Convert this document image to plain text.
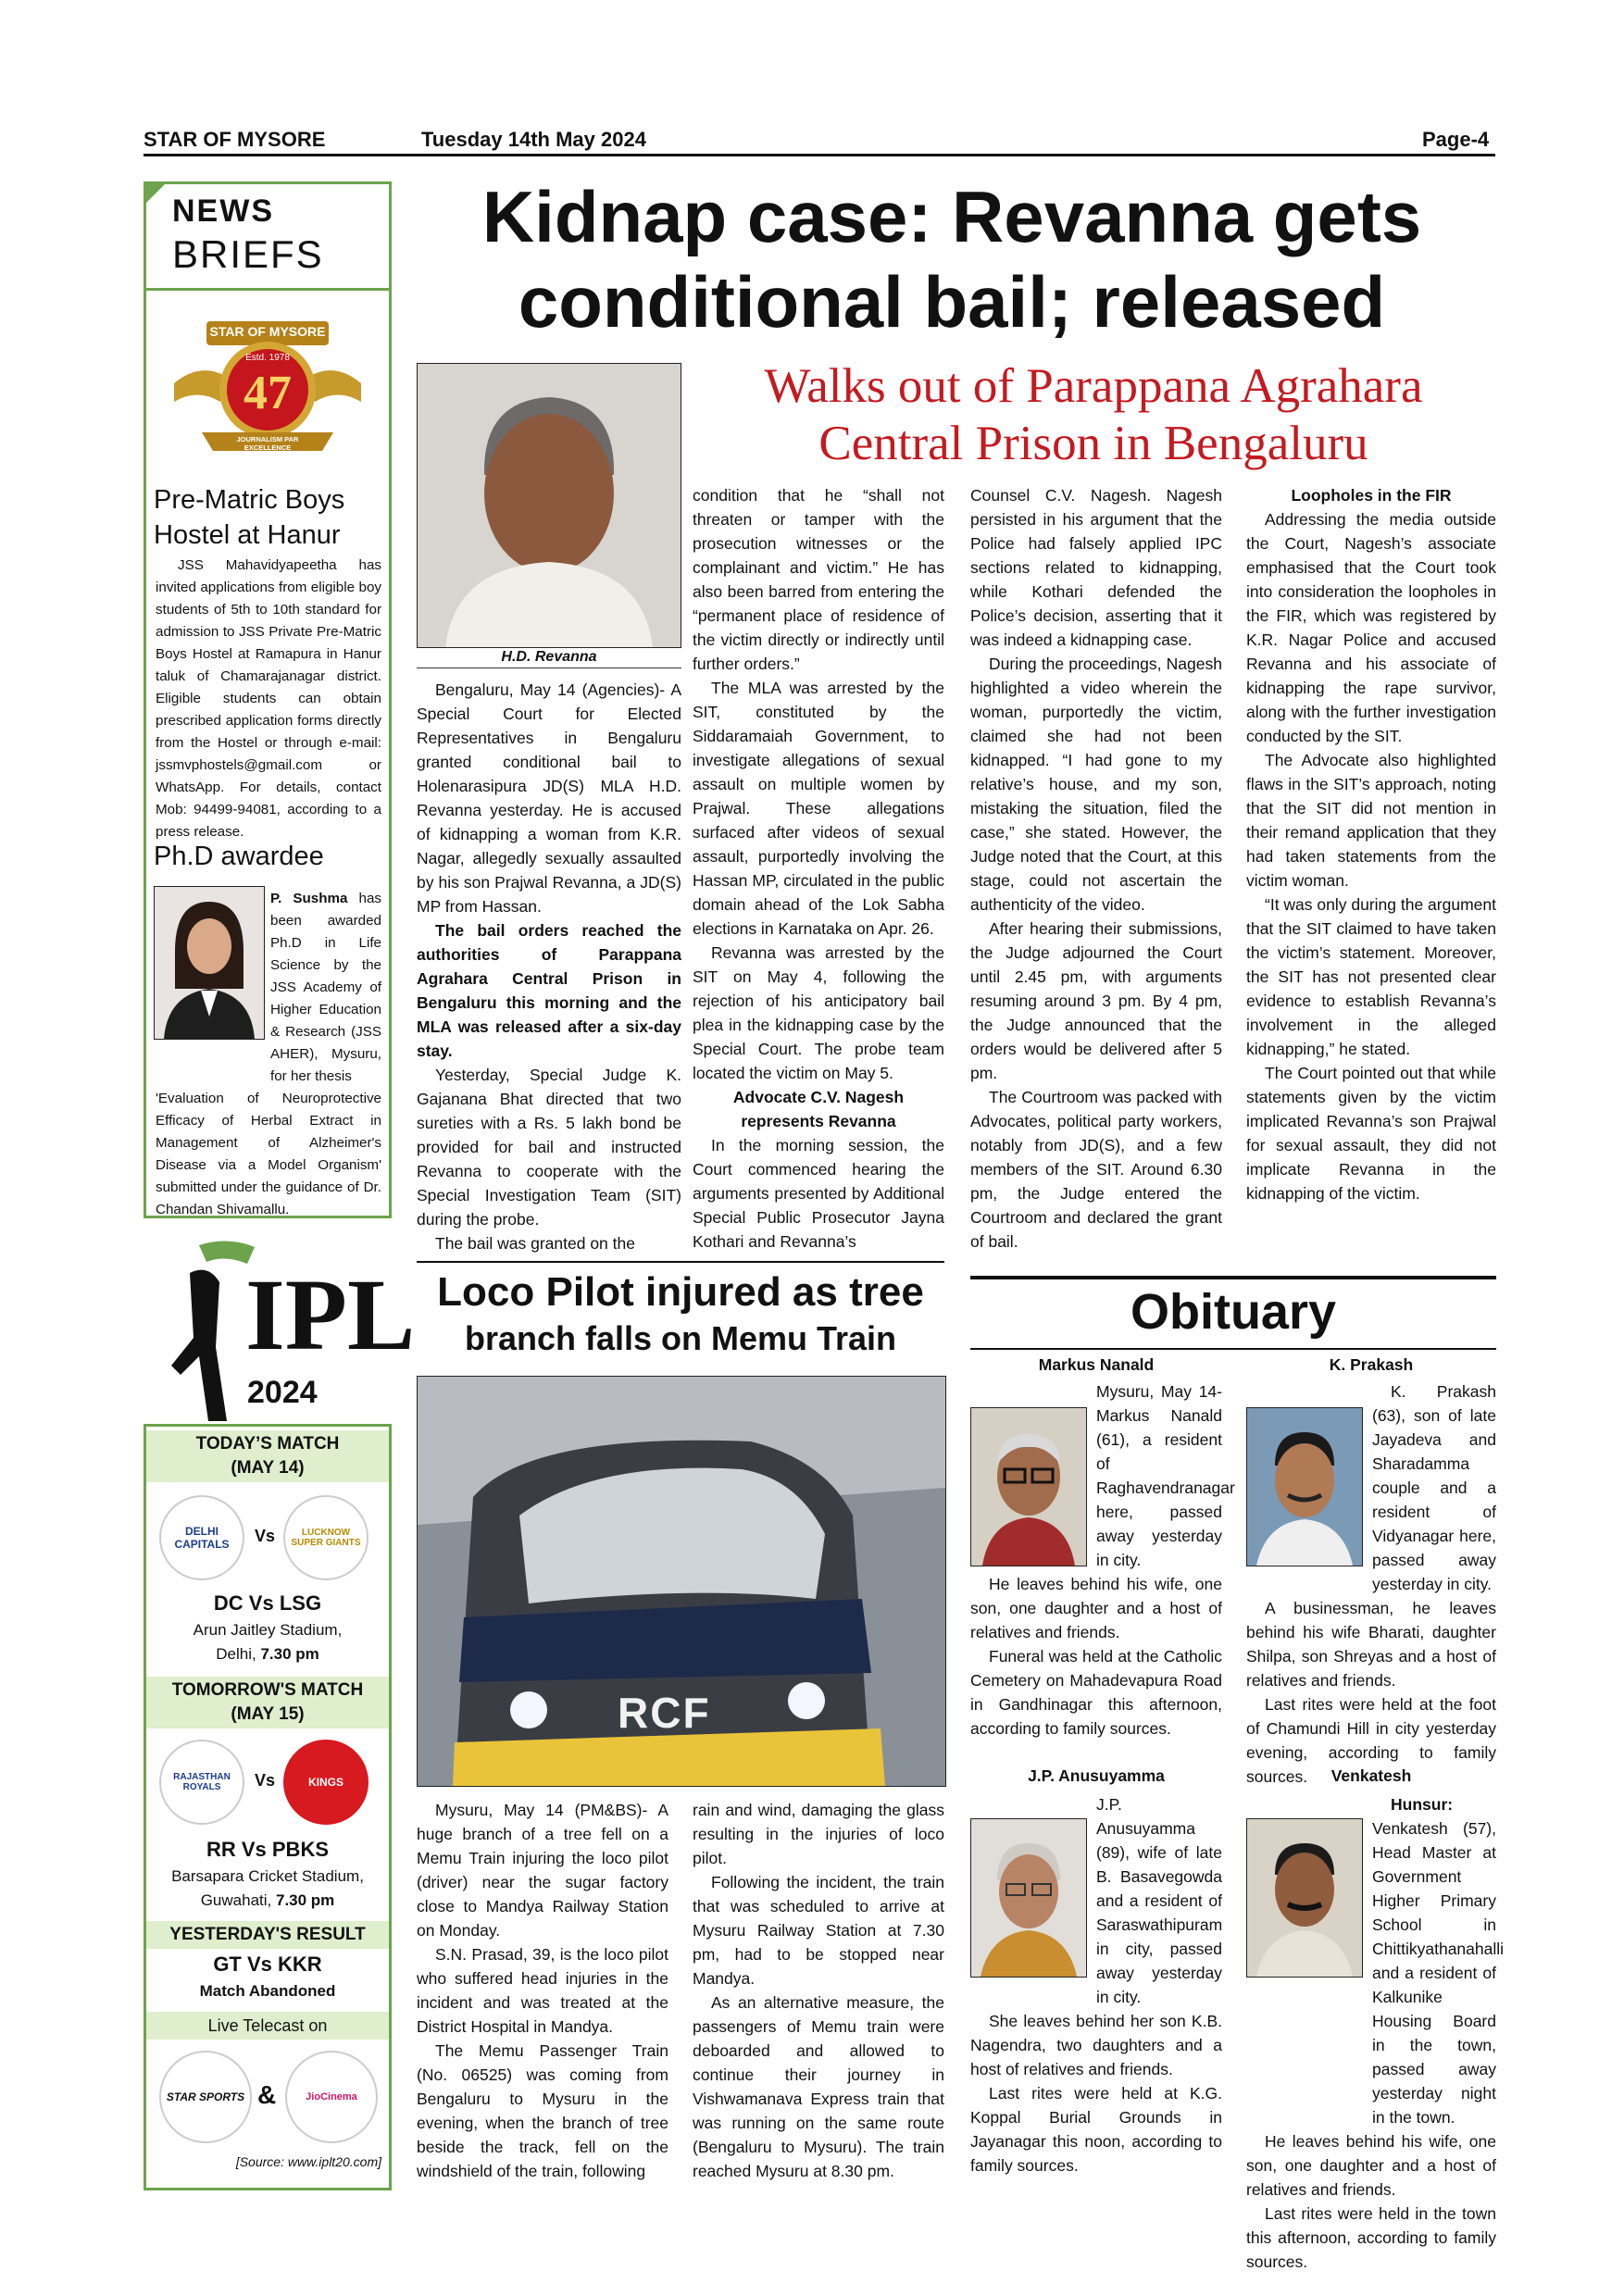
STAR OF MYSORE	Tuesday 14th May 2024	Page-4
NEWS
BRIEFS
STAR OF MYSORE
Estd. 1978
47
JOURNALISM PAR EXCELLENCE
Pre-Matric Boys Hostel at Hanur
JSS Mahavidyapeetha has invited applications from eligible boy students of 5th to 10th standard for admission to JSS Private Pre-Matric Boys Hostel at Ramapura in Hanur taluk of Chamarajanagar district. Eligible students can obtain prescribed application forms directly from the Hostel or through e-mail: jssmvphostels@gmail.com or WhatsApp. For details, contact Mob: 94499-94081, according to a press release.
Ph.D awardee
P. Sushma has been awarded Ph.D in Life Science by the JSS Academy of Higher Education & Research (JSS AHER), Mysuru, for her thesis
'Evaluation of Neuroprotective Efficacy of Herbal Extract in Management of Alzheimer's Disease via a Model Organism' submitted under the guidance of Dr. Chandan Shivamallu.
Kidnap case: Revanna gets conditional bail; released
H.D. Revanna
Walks out of Parappana Agrahara Central Prison in Bengaluru

Bengaluru, May 14 (Agencies)- A Special Court for Elected Representatives in Bengaluru granted conditional bail to Holenarasipura JD(S) MLA H.D. Revanna yesterday. He is accused of kidnapping a woman from K.R. Nagar, allegedly sexually assaulted by his son Prajwal Revanna, a JD(S) MP from Hassan.

The bail orders reached the authorities of Parappana Agrahara Central Prison in Bengaluru this morning and the MLA was released after a six-day stay.

Yesterday, Special Judge K. Gajanana Bhat directed that two sureties with a Rs. 5 lakh bond be provided for bail and instructed Revanna to cooperate with the Special Investigation Team (SIT) during the probe.

The bail was granted on the

condition that he “shall not threaten or tamper with the prosecution witnesses or the complainant and victim.” He has also been barred from entering the “permanent place of residence of the victim directly or indirectly until further orders.”

The MLA was arrested by the SIT, constituted by the Siddaramaiah Government, to investigate allegations of sexual assault on multiple women by Prajwal. These allegations surfaced after videos of sexual assault, purportedly involving the Hassan MP, circulated in the public domain ahead of the Lok Sabha elections in Karnataka on Apr. 26.

Revanna was arrested by the SIT on May 4, following the rejection of his anticipatory bail plea in the kidnapping case by the Special Court. The probe team located the victim on May 5.

Advocate C.V. Nagesh represents Revanna

In the morning session, the Court commenced hearing the arguments presented by Additional Special Public Prosecutor Jayna Kothari and Revanna’s

Counsel C.V. Nagesh. Nagesh persisted in his argument that the Police had falsely applied IPC sections related to kidnapping, while Kothari defended the Police’s decision, asserting that it was indeed a kidnapping case.

During the proceedings, Nagesh highlighted a video wherein the woman, purportedly the victim, claimed she had not been kidnapped. “I had gone to my relative’s house, and my son, mistaking the situation, filed the case,” she stated. However, the Judge noted that the Court, at this stage, could not ascertain the authenticity of the video.

After hearing their submissions, the Judge adjourned the Court until 2.45 pm, with arguments resuming around 3 pm. By 4 pm, the Judge announced that the orders would be delivered after 5 pm.

The Courtroom was packed with Advocates, political party workers, notably from JD(S), and a few members of the SIT. Around 6.30 pm, the Judge entered the Courtroom and declared the grant of bail.

Loopholes in the FIR

Addressing the media outside the Court, Nagesh’s associate emphasised that the Court took into consideration the loopholes in the FIR, which was registered by K.R. Nagar Police and accused Revanna and his associate of kidnapping the rape survivor, along with the further investigation conducted by the SIT.

The Advocate also highlighted flaws in the SIT’s approach, noting that the SIT did not mention in their remand application that they had taken statements from the victim woman.

“It was only during the argument that the SIT claimed to have taken the victim’s statement. Moreover, the SIT has not presented clear evidence to establish Revanna’s involvement in the alleged kidnapping,” he stated.

The Court pointed out that while statements given by the victim implicated Revanna’s son Prajwal for sexual assault, they did not implicate Revanna in the kidnapping of the victim.

IPL
2024
TODAY’S MATCH
(MAY 14)
DELHI CAPITALS	Vs	LUCKNOW SUPER GIANTS
DC Vs LSG
Arun Jaitley Stadium,
Delhi, 7.30 pm
TOMORROW'S MATCH
(MAY 15)
RAJASTHAN ROYALS	Vs	KINGS
RR Vs PBKS
Barsapara Cricket Stadium,
Guwahati, 7.30 pm
YESTERDAY'S RESULT
GT Vs KKR
Match Abandoned
Live Telecast on
STAR SPORTS &	JioCinema
[Source: www.iplt20.com]
Loco Pilot injured as tree
branch falls on Memu Train
RCF

Mysuru, May 14 (PM&BS)- A huge branch of a tree fell on a Memu Train injuring the loco pilot (driver) near the sugar factory close to Mandya Railway Station on Monday.

S.N. Prasad, 39, is the loco pilot who suffered head injuries in the incident and was treated at the District Hospital in Mandya.

The Memu Passenger Train (No. 06525) was coming from Bengaluru to Mysuru in the evening, when the branch of tree beside the track, fell on the windshield of the train, following

rain and wind, damaging the glass resulting in the injuries of loco pilot.

Following the incident, the train that was scheduled to arrive at Mysuru Railway Station at 7.30 pm, had to be stopped near Mandya.

As an alternative measure, the passengers of Memu train were deboarded and allowed to continue their journey in Vishwamanava Express train that was running on the same route (Bengaluru to Mysuru). The train reached Mysuru at 8.30 pm.

Obituary
Markus Nanald
Mysuru, May 14- Markus Nanald (61), a resident of Raghavendranagar here, passed away yesterday in city.

He leaves behind his wife, one son, one daughter and a host of relatives and friends.

Funeral was held at the Catholic Cemetery on Mahadevapura Road in Gandhinagar this afternoon, according to family sources.

K. Prakash
K. Prakash (63), son of late Jayadeva and Sharadamma couple and a resident of Vidyanagar here, passed away yesterday in city.

A businessman, he leaves behind his wife Bharati, daughter Shilpa, son Shreyas and a host of relatives and friends.

Last rites were held at the foot of Chamundi Hill in city yesterday evening, according to family sources.

J.P. Anusuyamma
J.P. Anusuyamma (89), wife of late B. Basavegowda and a resident of Saraswathipuram in city, passed away yesterday in city.

She leaves behind her son K.B. Nagendra, two daughters and a host of relatives and friends.

Last rites were held at K.G. Koppal Burial Grounds in Jayanagar this noon, according to family sources.

Venkatesh
Hunsur: Venkatesh (57), Head Master at Government Higher Primary School in Chittikyathanahalli and a resident of Kalkunike Housing Board in the town, passed away yesterday night in the town.

He leaves behind his wife, one son, one daughter and a host of relatives and friends.

Last rites were held in the town this afternoon, according to family sources.
